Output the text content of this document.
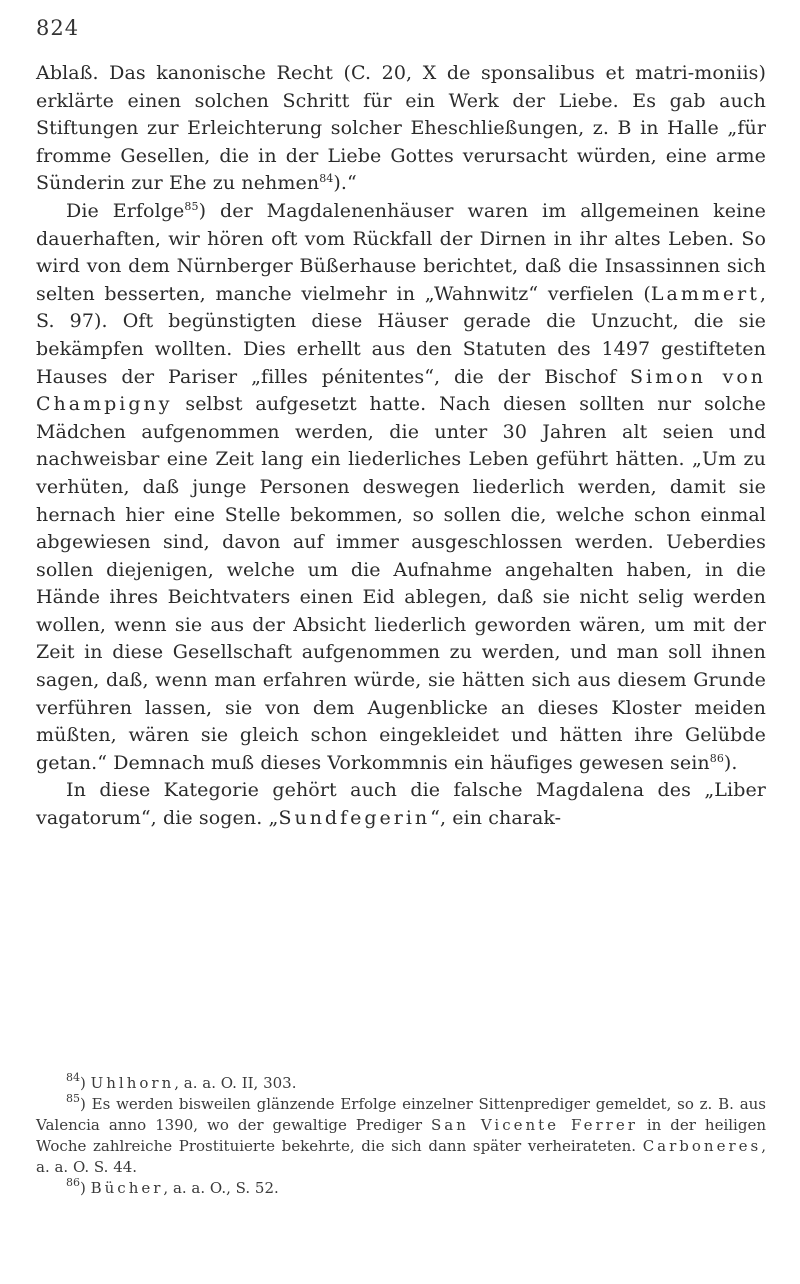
824

Ablaß. Das kanonische Recht (C. 20, X de sponsalibus et matri-moniis) erklärte einen solchen Schritt für ein Werk der Liebe. Es gab auch Stiftungen zur Erleichterung solcher Eheschließungen, z. B in Halle „für fromme Gesellen, die in der Liebe Gottes verursacht würden, eine arme Sünderin zur Ehe zu nehmen$^{84}$).“

Die Erfolge$^{85}$) der Magdalenenhäuser waren im allgemeinen keine dauerhaften, wir hören oft vom Rückfall der Dirnen in ihr altes Leben. So wird von dem Nürnberger Büßerhause berichtet, daß die Insassinnen sich selten besserten, manche vielmehr in „Wahnwitz“ verfielen (Lammert, S. 97). Oft begünstigten diese Häuser gerade die Unzucht, die sie bekämpfen wollten. Dies erhellt aus den Statuten des 1497 gestifteten Hauses der Pariser „filles pénitentes“, die der Bischof Simon von Champigny selbst aufgesetzt hatte. Nach diesen sollten nur solche Mädchen aufgenommen werden, die unter 30 Jahren alt seien und nachweisbar eine Zeit lang ein liederliches Leben geführt hätten. „Um zu verhüten, daß junge Personen deswegen liederlich werden, damit sie hernach hier eine Stelle bekommen, so sollen die, welche schon einmal abgewiesen sind, davon auf immer ausgeschlossen werden. Ueberdies sollen diejenigen, welche um die Aufnahme angehalten haben, in die Hände ihres Beichtvaters einen Eid ablegen, daß sie nicht selig werden wollen, wenn sie aus der Absicht liederlich geworden wären, um mit der Zeit in diese Gesellschaft aufgenommen zu werden, und man soll ihnen sagen, daß, wenn man erfahren würde, sie hätten sich aus diesem Grunde verführen lassen, sie von dem Augenblicke an dieses Kloster meiden müßten, wären sie gleich schon eingekleidet und hätten ihre Gelübde getan.“ Demnach muß dieses Vorkommnis ein häufiges gewesen sein$^{86}$).

In diese Kategorie gehört auch die falsche Magdalena des „Liber vagatorum“, die sogen. „Sundfegerin“, ein charak-

$^{84}$) Uhlhorn, a. a. O. II, 303.

$^{85}$) Es werden bisweilen glänzende Erfolge einzelner Sittenprediger gemeldet, so z. B. aus Valencia anno 1390, wo der gewaltige Prediger San Vicente Ferrer in der heiligen Woche zahlreiche Prostituierte bekehrte, die sich dann später verheirateten. Carboneres, a. a. O. S. 44.

$^{86}$) Bücher, a. a. O., S. 52.
